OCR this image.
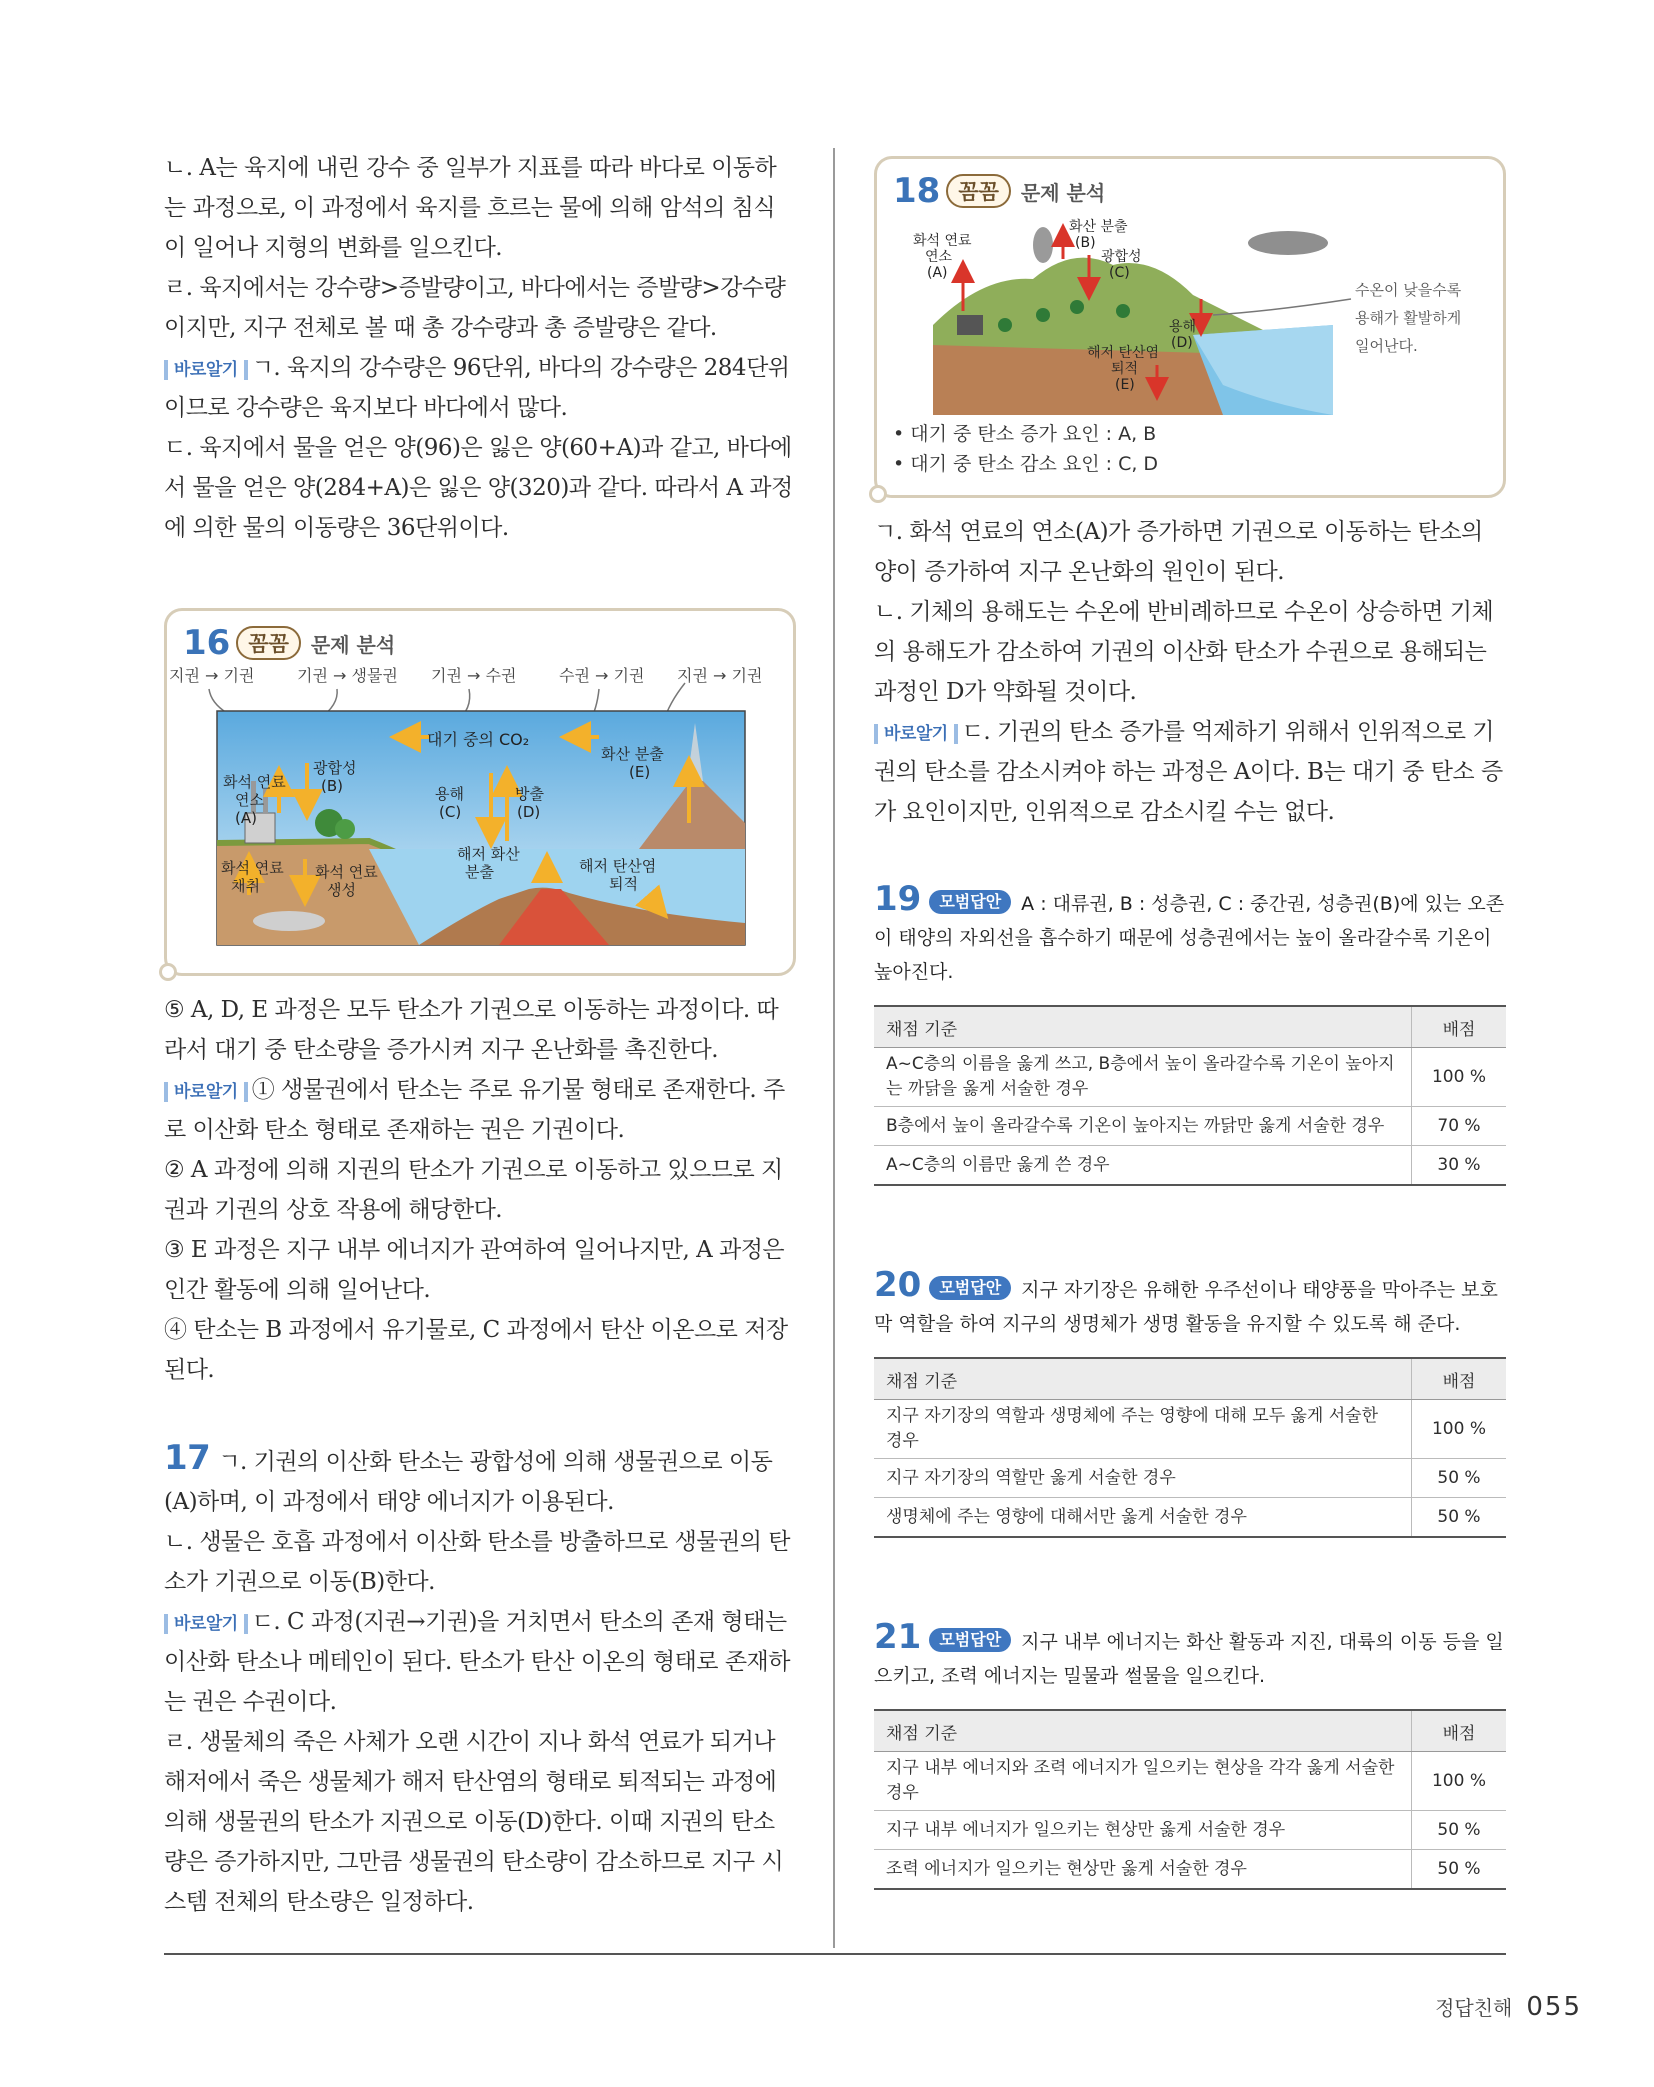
ㄴ. A는 육지에 내린 강수 중 일부가 지표를 따라 바다로 이동하는 과정으로, 이 과정에서 육지를 흐르는 물에 의해 암석의 침식이 일어나 지형의 변화를 일으킨다.

ㄹ. 육지에서는 강수량>증발량이고, 바다에서는 증발량>강수량이지만, 지구 전체로 볼 때 총 강수량과 총 증발량은 같다.

바로알기 ㄱ. 육지의 강수량은 96단위, 바다의 강수량은 284단위이므로 강수량은 육지보다 바다에서 많다.

ㄷ. 육지에서 물을 얻은 양(96)은 잃은 양(60+A)과 같고, 바다에서 물을 얻은 양(284+A)은 잃은 양(320)과 같다. 따라서 A 과정에 의한 물의 이동량은 36단위이다.

16 꼼꼼	문제 분석
지권 → 기권	기권 → 생물권 기권 → 수권	수권 → 기권 지권 → 기권
대기 중의 CO₂
광합성
(B)
화석 연료
연소
(A)
용해
(C)
방출
(D)
화산 분출
(E)
화석 연료
채취
화석 연료
생성
해저 화산
분출	해저 탄산염
퇴적

⑤ A, D, E 과정은 모두 탄소가 기권으로 이동하는 과정이다. 따라서 대기 중 탄소량을 증가시켜 지구 온난화를 촉진한다.

바로알기 ① 생물권에서 탄소는 주로 유기물 형태로 존재한다. 주로 이산화 탄소 형태로 존재하는 권은 기권이다.

② A 과정에 의해 지권의 탄소가 기권으로 이동하고 있으므로 지권과 기권의 상호 작용에 해당한다.

③ E 과정은 지구 내부 에너지가 관여하여 일어나지만, A 과정은 인간 활동에 의해 일어난다.

④ 탄소는 B 과정에서 유기물로, C 과정에서 탄산 이온으로 저장된다.

17 ㄱ. 기권의 이산화 탄소는 광합성에 의해 생물권으로 이동(A)하며, 이 과정에서 태양 에너지가 이용된다.

ㄴ. 생물은 호흡 과정에서 이산화 탄소를 방출하므로 생물권의 탄소가 기권으로 이동(B)한다.

바로알기 ㄷ. C 과정(지권→기권)을 거치면서 탄소의 존재 형태는 이산화 탄소나 메테인이 된다. 탄소가 탄산 이온의 형태로 존재하는 권은 수권이다.

ㄹ. 생물체의 죽은 사체가 오랜 시간이 지나 화석 연료가 되거나 해저에서 죽은 생물체가 해저 탄산염의 형태로 퇴적되는 과정에 의해 생물권의 탄소가 지권으로 이동(D)한다. 이때 지권의 탄소량은 증가하지만, 그만큼 생물권의 탄소량이 감소하므로 지구 시스템 전체의 탄소량은 일정하다.

18 꼼꼼	문제 분석
화석 연료
연소
(A)
화산 분출
(B)
광합성
(C)
용해
(D)
해저 탄산염
퇴적
(E)
수온이 낮을수록
용해가 활발하게
일어난다.
• 대기 중 탄소 증가 요인 : A, B
• 대기 중 탄소 감소 요인 : C, D

ㄱ. 화석 연료의 연소(A)가 증가하면 기권으로 이동하는 탄소의 양이 증가하여 지구 온난화의 원인이 된다.

ㄴ. 기체의 용해도는 수온에 반비례하므로 수온이 상승하면 기체의 용해도가 감소하여 기권의 이산화 탄소가 수권으로 용해되는 과정인 D가 약화될 것이다.

바로알기 ㄷ. 기권의 탄소 증가를 억제하기 위해서 인위적으로 기권의 탄소를 감소시켜야 하는 과정은 A이다. B는 대기 중 탄소 증가 요인이지만, 인위적으로 감소시킬 수는 없다.

19 모범답안 A : 대류권, B : 성층권, C : 중간권, 성층권(B)에 있는 오존이 태양의 자외선을 흡수하기 때문에 성층권에서는 높이 올라갈수록 기온이 높아진다.

채점 기준	배점
A~C층의 이름을 옳게 쓰고, B층에서 높이 올라갈수록 기온이 높아지는 까닭을 옳게 서술한 경우	100 %
B층에서 높이 올라갈수록 기온이 높아지는 까닭만 옳게 서술한 경우	70 %
A~C층의 이름만 옳게 쓴 경우	30 %

20 모범답안 지구 자기장은 유해한 우주선이나 태양풍을 막아주는 보호막 역할을 하여 지구의 생명체가 생명 활동을 유지할 수 있도록 해 준다.

채점 기준	배점
지구 자기장의 역할과 생명체에 주는 영향에 대해 모두 옳게 서술한 경우	100 %
지구 자기장의 역할만 옳게 서술한 경우	50 %
생명체에 주는 영향에 대해서만 옳게 서술한 경우	50 %

21 모범답안 지구 내부 에너지는 화산 활동과 지진, 대륙의 이동 등을 일으키고, 조력 에너지는 밀물과 썰물을 일으킨다.

채점 기준	배점
지구 내부 에너지와 조력 에너지가 일으키는 현상을 각각 옳게 서술한 경우	100 %
지구 내부 에너지가 일으키는 현상만 옳게 서술한 경우	50 %
조력 에너지가 일으키는 현상만 옳게 서술한 경우	50 %
정답친해 055
